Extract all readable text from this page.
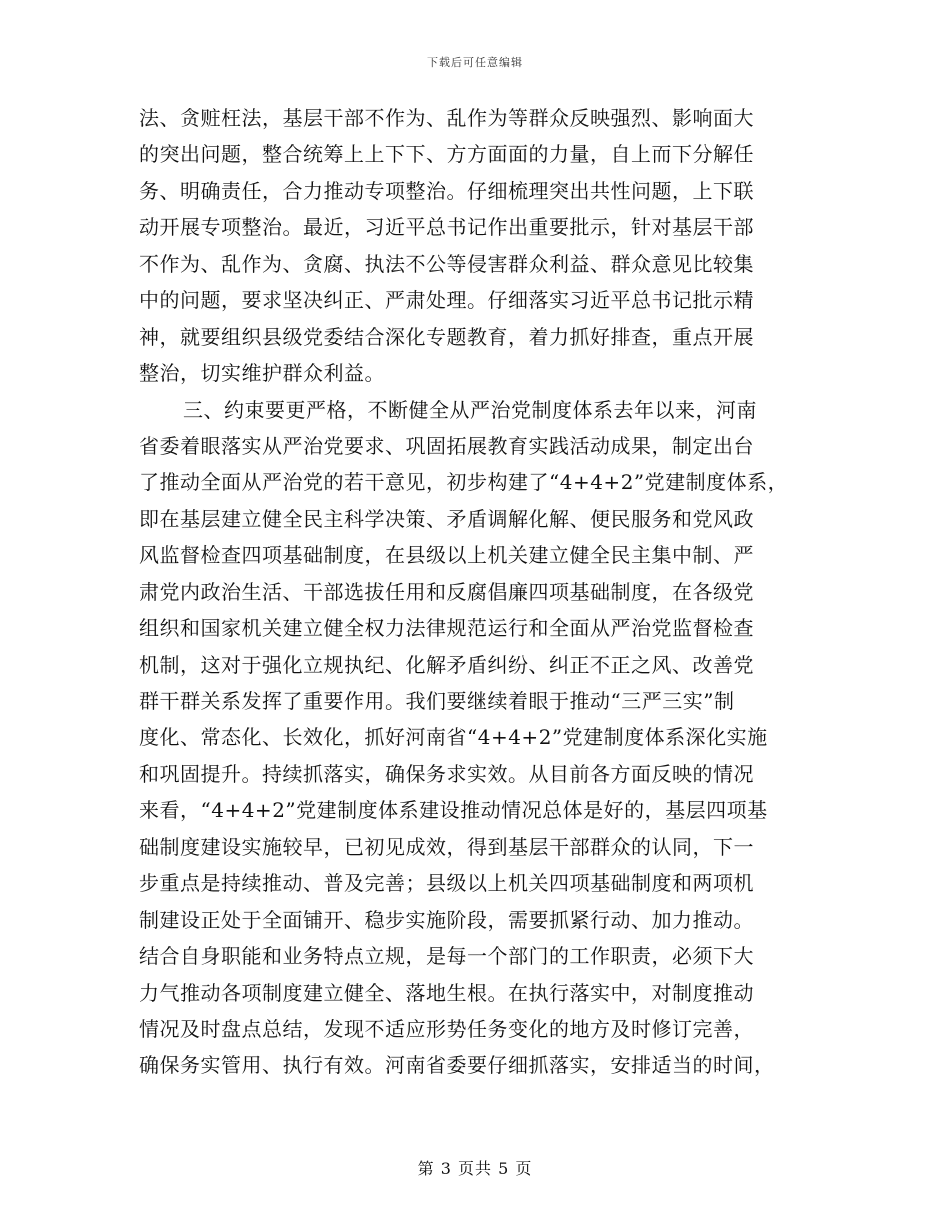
下载后可任意编辑
法、贪赃枉法，基层干部不作为、乱作为等群众反映强烈、影响面大
的突出问题，整合统筹上上下下、方方面面的力量，自上而下分解任
务、明确责任，合力推动专项整治。仔细梳理突出共性问题，上下联
动开展专项整治。最近，习近平总书记作出重要批示，针对基层干部
不作为、乱作为、贪腐、执法不公等侵害群众利益、群众意见比较集
中的问题，要求坚决纠正、严肃处理。仔细落实习近平总书记批示精
神，就要组织县级党委结合深化专题教育，着力抓好排查，重点开展
整治，切实维护群众利益。
三、约束要更严格，不断健全从严治党制度体系去年以来，河南
省委着眼落实从严治党要求、巩固拓展教育实践活动成果，制定出台
了推动全面从严治党的若干意见，初步构建了“4+4+2”党建制度体系，
即在基层建立健全民主科学决策、矛盾调解化解、便民服务和党风政
风监督检查四项基础制度，在县级以上机关建立健全民主集中制、严
肃党内政治生活、干部选拔任用和反腐倡廉四项基础制度，在各级党
组织和国家机关建立健全权力法律规范运行和全面从严治党监督检查
机制，这对于强化立规执纪、化解矛盾纠纷、纠正不正之风、改善党
群干群关系发挥了重要作用。我们要继续着眼于推动“三严三实”制
度化、常态化、长效化，抓好河南省“4+4+2”党建制度体系深化实施
和巩固提升。持续抓落实，确保务求实效。从目前各方面反映的情况
来看，“4+4+2”党建制度体系建设推动情况总体是好的，基层四项基
础制度建设实施较早，已初见成效，得到基层干部群众的认同，下一
步重点是持续推动、普及完善；县级以上机关四项基础制度和两项机
制建设正处于全面铺开、稳步实施阶段，需要抓紧行动、加力推动。
结合自身职能和业务特点立规，是每一个部门的工作职责，必须下大
力气推动各项制度建立健全、落地生根。在执行落实中，对制度推动
情况及时盘点总结，发现不适应形势任务变化的地方及时修订完善，
确保务实管用、执行有效。河南省委要仔细抓落实，安排适当的时间，
第 3 页共 5 页
